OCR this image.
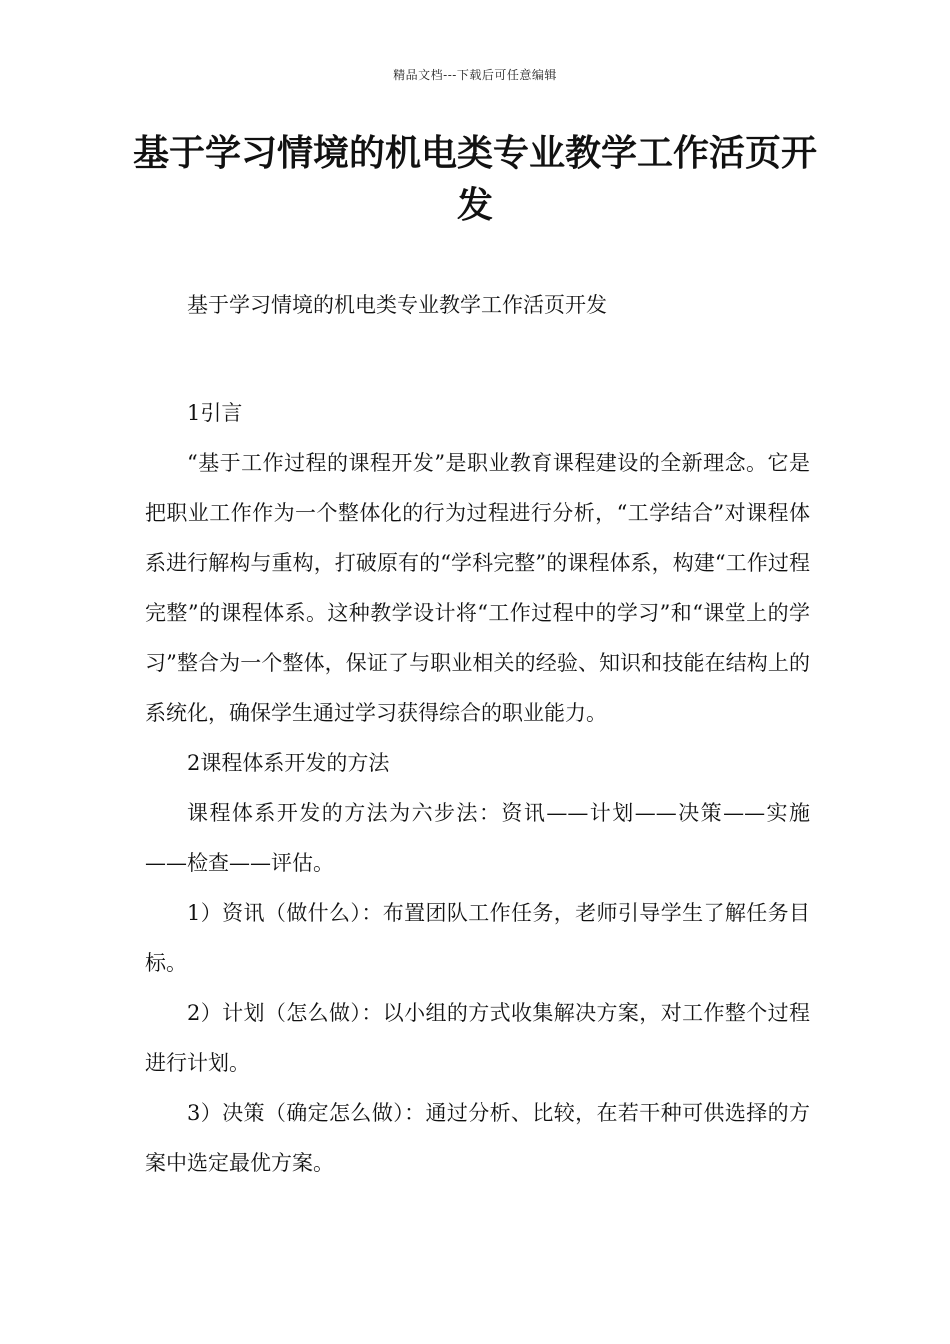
精品文档---下载后可任意编辑
基于学习情境的机电类专业教学工作活页开发

基于学习情境的机电类专业教学工作活页开发

1引言

“基于工作过程的课程开发”是职业教育课程建设的全新理念。它是把职业工作作为一个整体化的行为过程进行分析，“工学结合”对课程体系进行解构与重构，打破原有的“学科完整”的课程体系，构建“工作过程完整”的课程体系。这种教学设计将“工作过程中的学习”和“课堂上的学习”整合为一个整体，保证了与职业相关的经验、知识和技能在结构上的系统化，确保学生通过学习获得综合的职业能力。

2课程体系开发的方法

课程体系开发的方法为六步法：资讯——计划——决策——实施——检查——评估。

1）资讯（做什么）：布置团队工作任务，老师引导学生了解任务目标。

2）计划（怎么做）：以小组的方式收集解决方案，对工作整个过程进行计划。

3）决策（确定怎么做）：通过分析、比较，在若干种可供选择的方案中选定最优方案。
